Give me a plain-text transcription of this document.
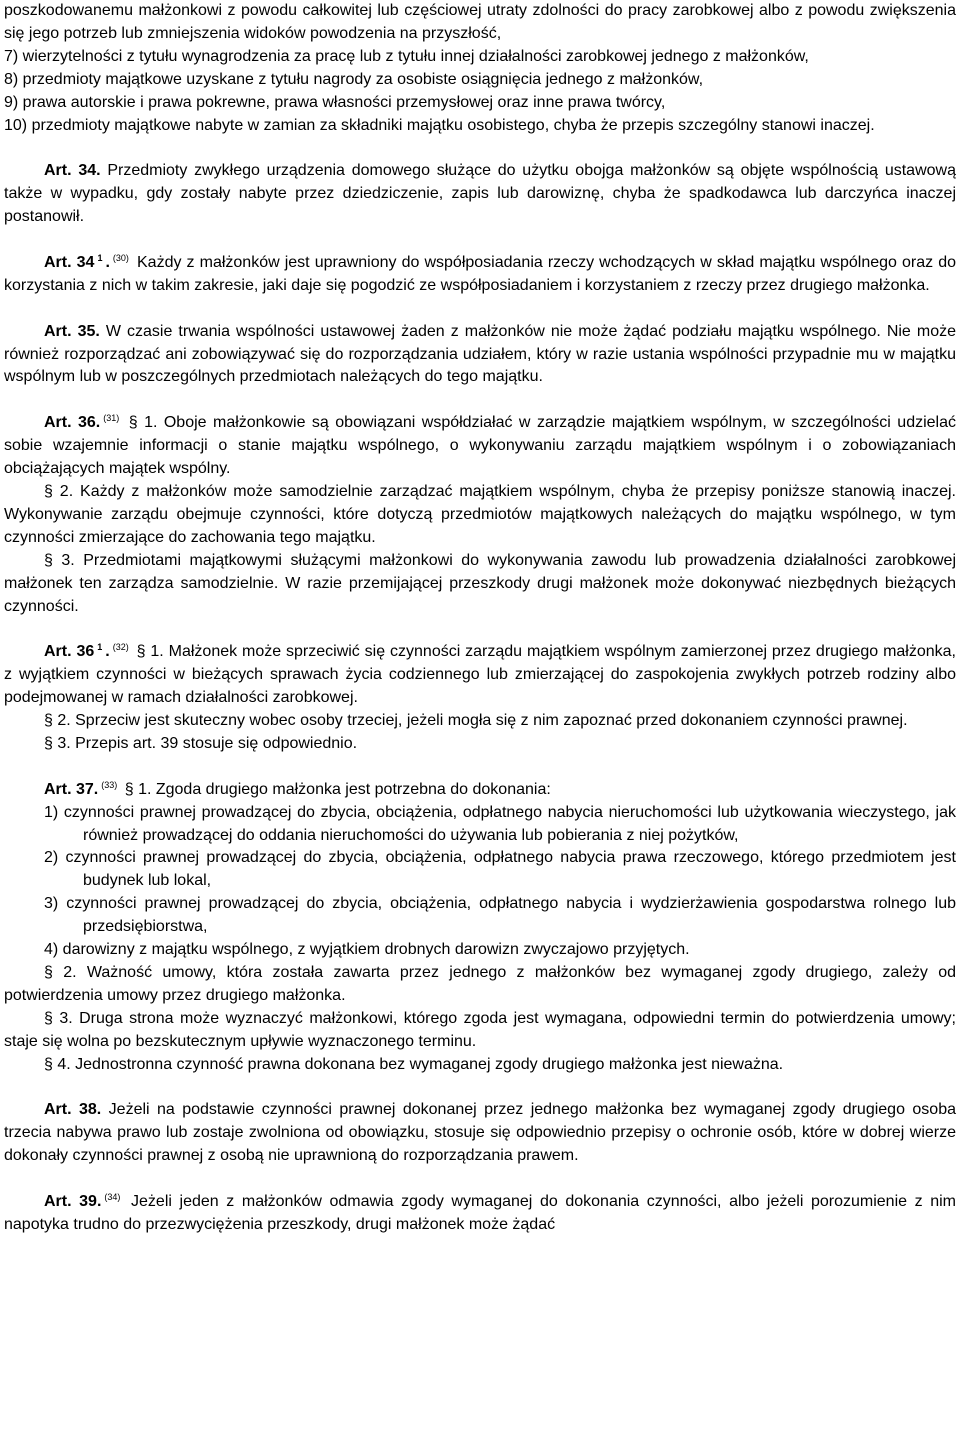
poszkodowanemu małżonkowi z powodu całkowitej lub częściowej utraty zdolności do pracy zarobkowej albo z powodu zwiększenia się jego potrzeb lub zmniejszenia widoków powodzenia na przyszłość,

7) wierzytelności z tytułu wynagrodzenia za pracę lub z tytułu innej działalności zarobkowej jednego z małżonków,

8) przedmioty majątkowe uzyskane z tytułu nagrody za osobiste osiągnięcia jednego z małżonków,

9) prawa autorskie i prawa pokrewne, prawa własności przemysłowej oraz inne prawa twórcy,

10) przedmioty majątkowe nabyte w zamian za składniki majątku osobistego, chyba że przepis szczególny stanowi inaczej.

Art. 34. Przedmioty zwykłego urządzenia domowego służące do użytku obojga małżonków są objęte wspólnością ustawową także w wypadku, gdy zostały nabyte przez dziedziczenie, zapis lub darowiznę, chyba że spadkodawca lub darczyńca inaczej postanowił.

Art. 34 $^1$ . $^{(30)}$ Każdy z małżonków jest uprawniony do współposiadania rzeczy wchodzących w skład majątku wspólnego oraz do korzystania z nich w takim zakresie, jaki daje się pogodzić ze współposiadaniem i korzystaniem z rzeczy przez drugiego małżonka.

Art. 35. W czasie trwania wspólności ustawowej żaden z małżonków nie może żądać podziału majątku wspólnego. Nie może również rozporządzać ani zobowiązywać się do rozporządzania udziałem, który w razie ustania wspólności przypadnie mu w majątku wspólnym lub w poszczególnych przedmiotach należących do tego majątku.

Art. 36. $^{(31)}$ § 1. Oboje małżonkowie są obowiązani współdziałać w zarządzie majątkiem wspólnym, w szczególności udzielać sobie wzajemnie informacji o stanie majątku wspólnego, o wykonywaniu zarządu majątkiem wspólnym i o zobowiązaniach obciążających majątek wspólny.

§ 2. Każdy z małżonków może samodzielnie zarządzać majątkiem wspólnym, chyba że przepisy poniższe stanowią inaczej. Wykonywanie zarządu obejmuje czynności, które dotyczą przedmiotów majątkowych należących do majątku wspólnego, w tym czynności zmierzające do zachowania tego majątku.

§ 3. Przedmiotami majątkowymi służącymi małżonkowi do wykonywania zawodu lub prowadzenia działalności zarobkowej małżonek ten zarządza samodzielnie. W razie przemijającej przeszkody drugi małżonek może dokonywać niezbędnych bieżących czynności.

Art. 36 $^1$ . $^{(32)}$ § 1. Małżonek może sprzeciwić się czynności zarządu majątkiem wspólnym zamierzonej przez drugiego małżonka, z wyjątkiem czynności w bieżących sprawach życia codziennego lub zmierzającej do zaspokojenia zwykłych potrzeb rodziny albo podejmowanej w ramach działalności zarobkowej.

§ 2. Sprzeciw jest skuteczny wobec osoby trzeciej, jeżeli mogła się z nim zapoznać przed dokonaniem czynności prawnej.

§ 3. Przepis art. 39 stosuje się odpowiednio.

Art. 37. $^{(33)}$ § 1. Zgoda drugiego małżonka jest potrzebna do dokonania:

1) czynności prawnej prowadzącej do zbycia, obciążenia, odpłatnego nabycia nieruchomości lub użytkowania wieczystego, jak również prowadzącej do oddania nieruchomości do używania lub pobierania z niej pożytków,

2) czynności prawnej prowadzącej do zbycia, obciążenia, odpłatnego nabycia prawa rzeczowego, którego przedmiotem jest budynek lub lokal,

3) czynności prawnej prowadzącej do zbycia, obciążenia, odpłatnego nabycia i wydzierżawienia gospodarstwa rolnego lub przedsiębiorstwa,

4) darowizny z majątku wspólnego, z wyjątkiem drobnych darowizn zwyczajowo przyjętych.

§ 2. Ważność umowy, która została zawarta przez jednego z małżonków bez wymaganej zgody drugiego, zależy od potwierdzenia umowy przez drugiego małżonka.

§ 3. Druga strona może wyznaczyć małżonkowi, którego zgoda jest wymagana, odpowiedni termin do potwierdzenia umowy; staje się wolna po bezskutecznym upływie wyznaczonego terminu.

§ 4. Jednostronna czynność prawna dokonana bez wymaganej zgody drugiego małżonka jest nieważna.

Art. 38. Jeżeli na podstawie czynności prawnej dokonanej przez jednego małżonka bez wymaganej zgody drugiego osoba trzecia nabywa prawo lub zostaje zwolniona od obowiązku, stosuje się odpowiednio przepisy o ochronie osób, które w dobrej wierze dokonały czynności prawnej z osobą nie uprawnioną do rozporządzania prawem.

Art. 39. $^{(34)}$ Jeżeli jeden z małżonków odmawia zgody wymaganej do dokonania czynności, albo jeżeli porozumienie z nim napotyka trudno do przezwyciężenia przeszkody, drugi małżonek może żądać
